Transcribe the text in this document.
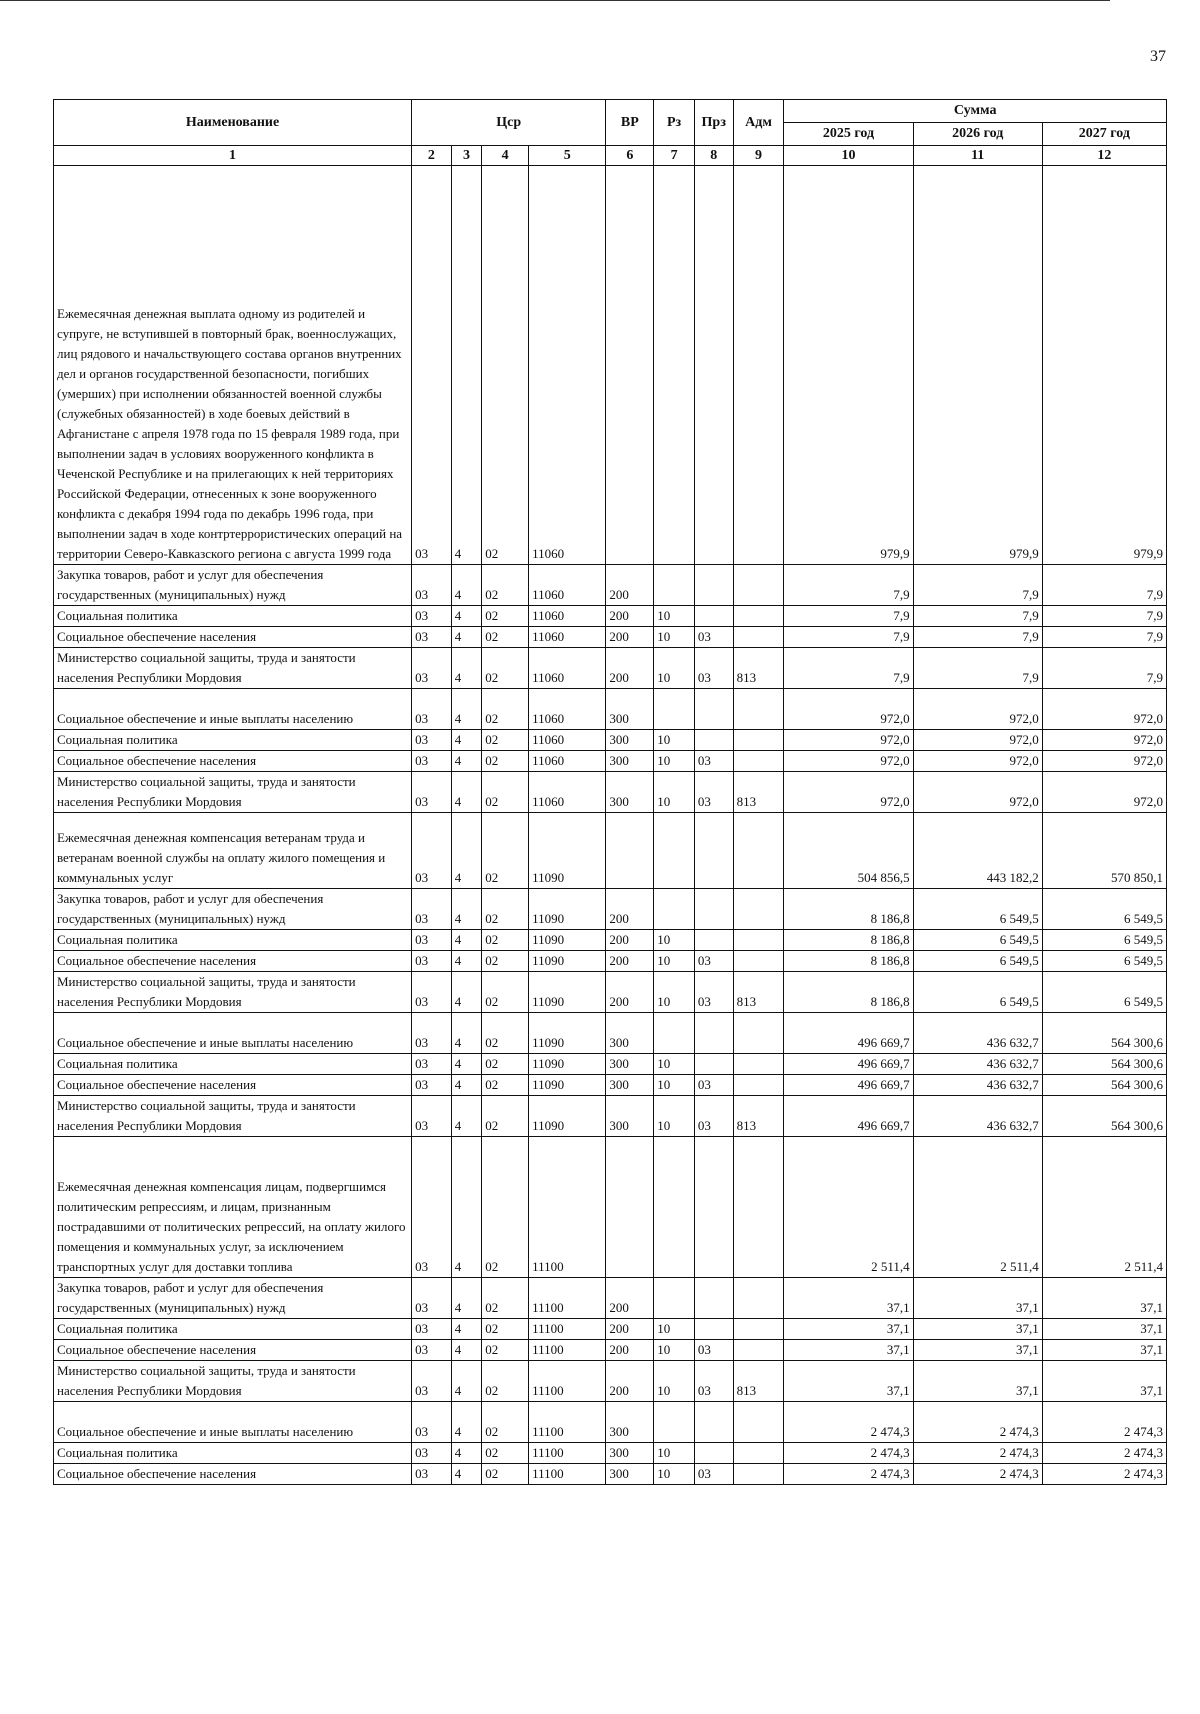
37
Наименование	Цср				ВР	Рз	Прз	Адм	Сумма		
									2025 год	2026 год	2027 год
1	2	3	4	5	6	7	8	9	10	11	12
Ежемесячная денежная выплата одному из родителей и супруге, не вступившей в повторный брак, военнослужащих, лиц рядового и начальствующего состава органов внутренних дел и органов государственной безопасности, погибших (умерших) при исполнении обязанностей военной службы (служебных обязанностей) в ходе боевых действий в Афганистане с апреля 1978 года по 15 февраля 1989 года, при выполнении задач в условиях вооруженного конфликта в Чеченской Республике и на прилегающих к ней территориях Российской Федерации, отнесенных к зоне вооруженного конфликта с декабря 1994 года по декабрь 1996 года, при выполнении задач в ходе контртеррористических операций на территории Северо-Кавказского региона с августа 1999 года	03	4	02	11060					979,9	979,9	979,9
Закупка товаров, работ и услуг для обеспечения государственных (муниципальных) нужд	03	4	02	11060	200				7,9	7,9	7,9
Социальная политика	03	4	02	11060	200	10			7,9	7,9	7,9
Социальное обеспечение населения	03	4	02	11060	200	10	03		7,9	7,9	7,9
Министерство социальной защиты, труда и занятости населения Республики Мордовия	03	4	02	11060	200	10	03	813	7,9	7,9	7,9
Социальное обеспечение и иные выплаты населению	03	4	02	11060	300				972,0	972,0	972,0
Социальная политика	03	4	02	11060	300	10			972,0	972,0	972,0
Социальное обеспечение населения	03	4	02	11060	300	10	03		972,0	972,0	972,0
Министерство социальной защиты, труда и занятости населения Республики Мордовия	03	4	02	11060	300	10	03	813	972,0	972,0	972,0
Ежемесячная денежная компенсация ветеранам труда и ветеранам военной службы на оплату жилого помещения и коммунальных услуг	03	4	02	11090					504 856,5	443 182,2	570 850,1
Закупка товаров, работ и услуг для обеспечения государственных (муниципальных) нужд	03	4	02	11090	200				8 186,8	6 549,5	6 549,5
Социальная политика	03	4	02	11090	200	10			8 186,8	6 549,5	6 549,5
Социальное обеспечение населения	03	4	02	11090	200	10	03		8 186,8	6 549,5	6 549,5
Министерство социальной защиты, труда и занятости населения Республики Мордовия	03	4	02	11090	200	10	03	813	8 186,8	6 549,5	6 549,5
Социальное обеспечение и иные выплаты населению	03	4	02	11090	300				496 669,7	436 632,7	564 300,6
Социальная политика	03	4	02	11090	300	10			496 669,7	436 632,7	564 300,6
Социальное обеспечение населения	03	4	02	11090	300	10	03		496 669,7	436 632,7	564 300,6
Министерство социальной защиты, труда и занятости населения Республики Мордовия	03	4	02	11090	300	10	03	813	496 669,7	436 632,7	564 300,6
Ежемесячная денежная компенсация лицам, подвергшимся политическим репрессиям, и лицам, признанным пострадавшими от политических репрессий, на оплату жилого помещения и коммунальных услуг, за исключением транспортных услуг для доставки топлива	03	4	02	11100					2 511,4	2 511,4	2 511,4
Закупка товаров, работ и услуг для обеспечения государственных (муниципальных) нужд	03	4	02	11100	200				37,1	37,1	37,1
Социальная политика	03	4	02	11100	200	10			37,1	37,1	37,1
Социальное обеспечение населения	03	4	02	11100	200	10	03		37,1	37,1	37,1
Министерство социальной защиты, труда и занятости населения Республики Мордовия	03	4	02	11100	200	10	03	813	37,1	37,1	37,1
Социальное обеспечение и иные выплаты населению	03	4	02	11100	300				2 474,3	2 474,3	2 474,3
Социальная политика	03	4	02	11100	300	10			2 474,3	2 474,3	2 474,3
Социальное обеспечение населения	03	4	02	11100	300	10	03		2 474,3	2 474,3	2 474,3
